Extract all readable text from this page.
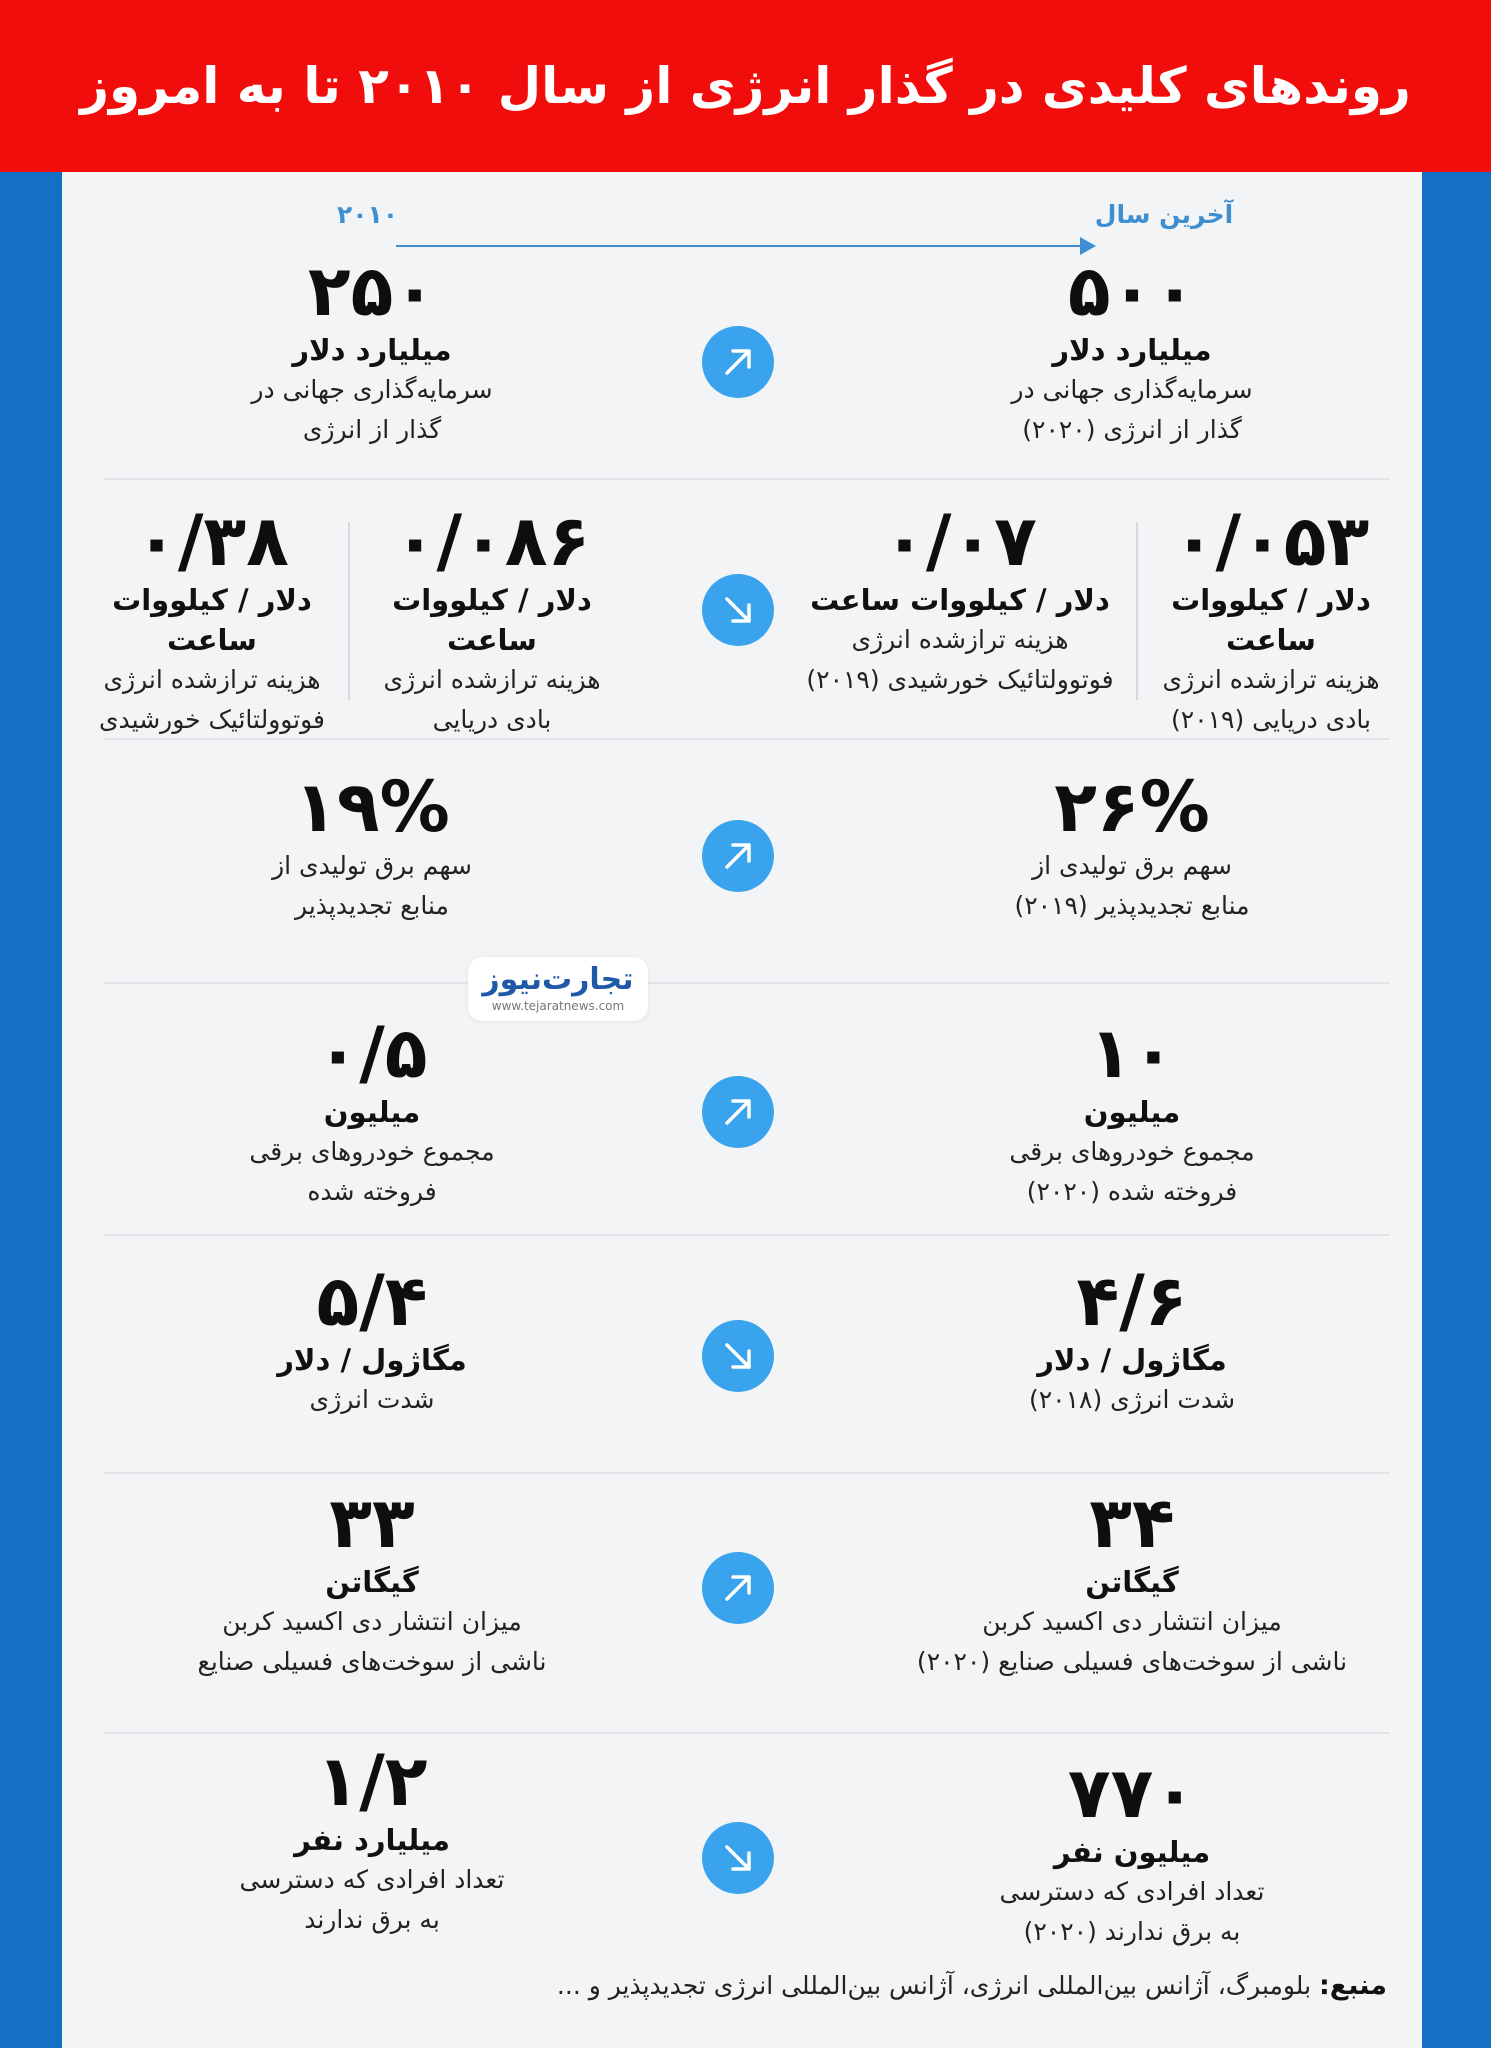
روندهای کلیدی در گذار انرژی از سال ۲۰۱۰ تا به امروز
۲۰۱۰	آخرین سال
۵۰۰
میلیارد دلار
سرمایه‌گذاری جهانی در
گذار از انرژی (۲۰۲۰)
۲۵۰
میلیارد دلار
سرمایه‌گذاری جهانی در
گذار از انرژی
۰/۰۵۳
دلار / کیلووات ساعت
هزینه ترازشده انرژی
بادی دریایی (۲۰۱۹)
۰/۰۷
دلار / کیلووات ساعت
هزینه ترازشده انرژی
فوتوولتائیک خورشیدی (۲۰۱۹)
۰/۰۸۶
دلار / کیلووات ساعت
هزینه ترازشده انرژی
بادی دریایی
۰/۳۸
دلار / کیلووات ساعت
هزینه ترازشده انرژی
فوتوولتائیک خورشیدی
۲۶%
سهم برق تولیدی از
منابع تجدیدپذیر (۲۰۱۹)
۱۹%
سهم برق تولیدی از
منابع تجدیدپذیر
۱۰
میلیون
مجموع خودروهای برقی
فروخته شده (۲۰۲۰)
۰/۵
میلیون
مجموع خودروهای برقی
فروخته شده
۴/۶
مگاژول / دلار
شدت انرژی (۲۰۱۸)
۵/۴
مگاژول / دلار
شدت انرژی
۳۴
گیگاتن
میزان انتشار دی اکسید کربن
ناشی از سوخت‌های فسیلی صنایع (۲۰۲۰)
۳۳
گیگاتن
میزان انتشار دی اکسید کربن
ناشی از سوخت‌های فسیلی صنایع
۷۷۰
میلیون نفر
تعداد افرادی که دسترسی
به برق ندارند (۲۰۲۰)
۱/۲
میلیارد نفر
تعداد افرادی که دسترسی
به برق ندارند
تجارت‌نیوز
www.tejaratnews.com
منبع: بلومبرگ، آژانس بین‌المللی انرژی، آژانس بین‌المللی انرژی تجدیدپذیر و ...
